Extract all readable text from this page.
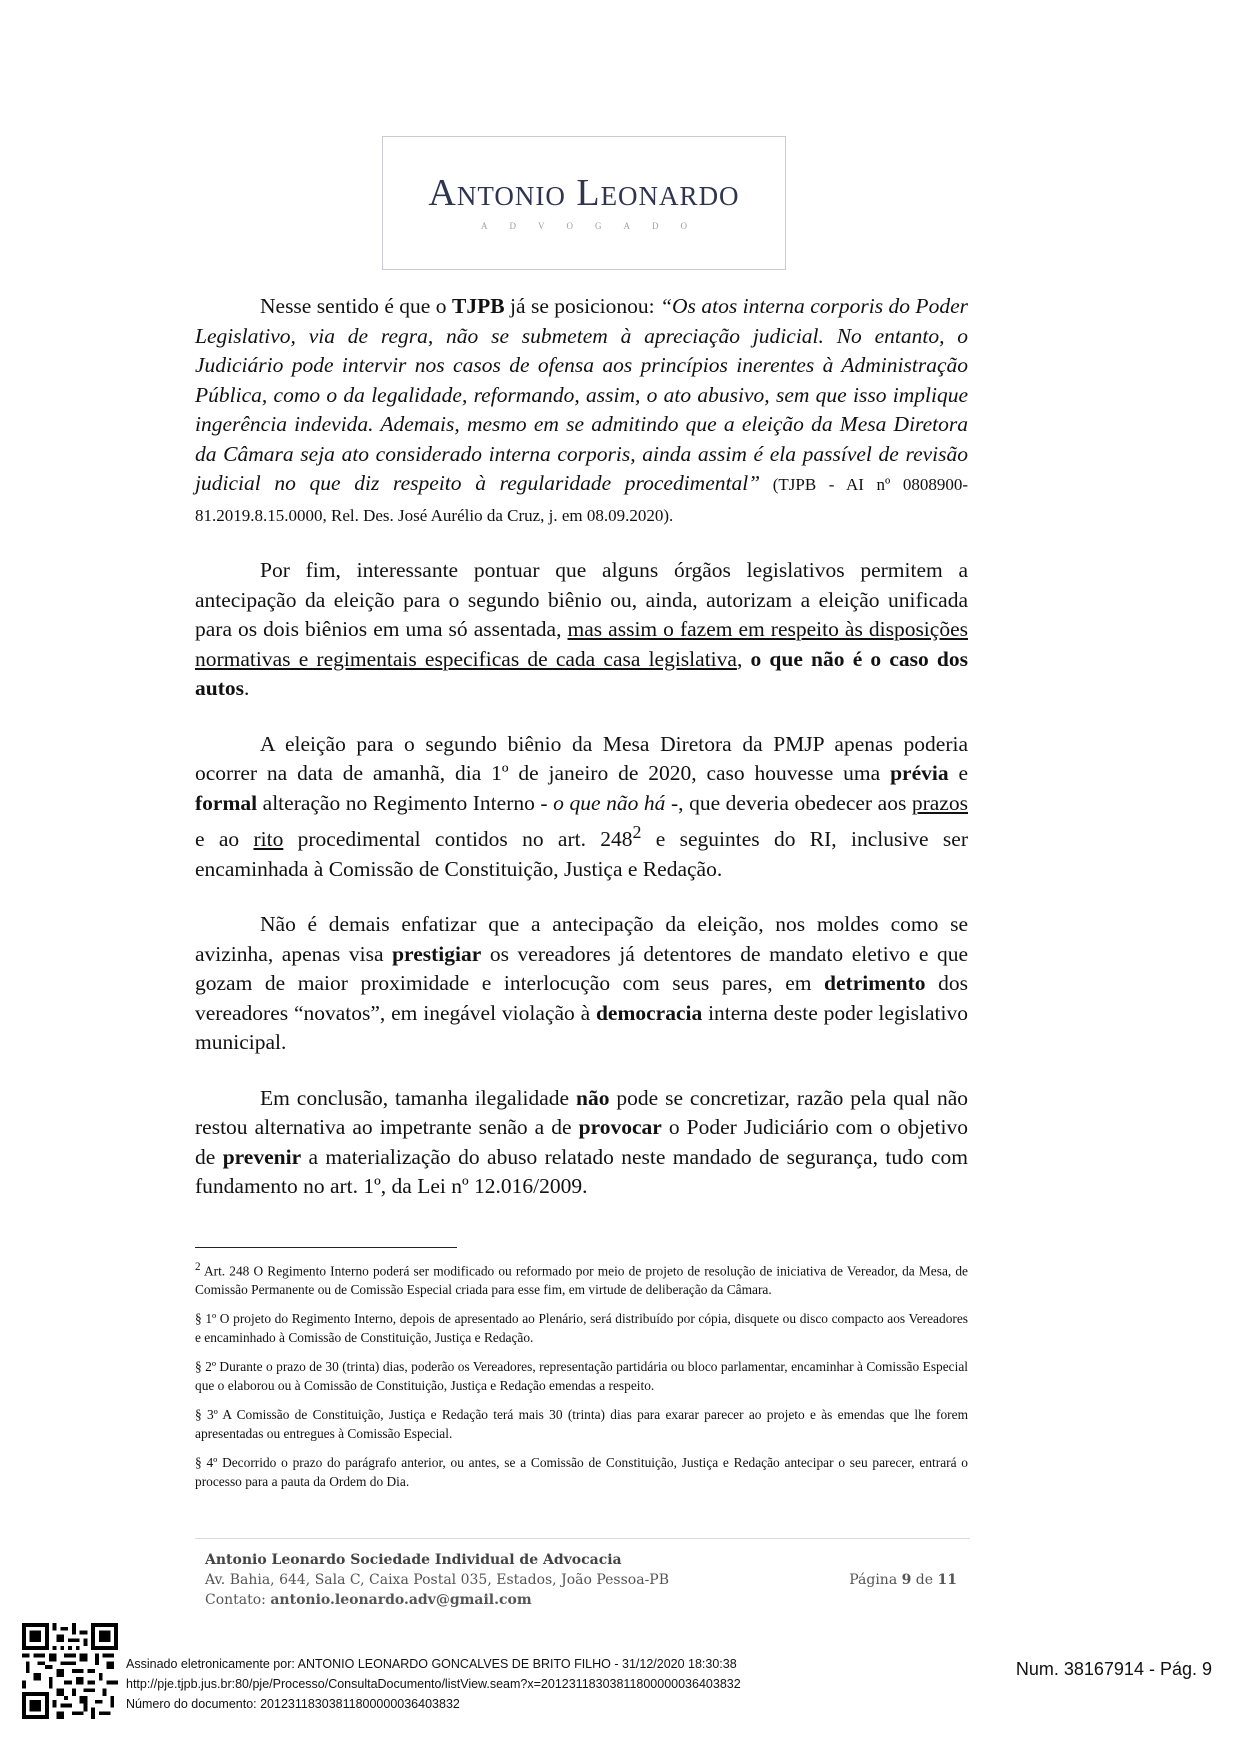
Antonio Leonardo
ADVOGADO

Nesse sentido é que o TJPB já se posicionou: “Os atos interna corporis do Poder Legislativo, via de regra, não se submetem à apreciação judicial. No entanto, o Judiciário pode intervir nos casos de ofensa aos princípios inerentes à Administração Pública, como o da legalidade, reformando, assim, o ato abusivo, sem que isso implique ingerência indevida. Ademais, mesmo em se admitindo que a eleição da Mesa Diretora da Câmara seja ato considerado interna corporis, ainda assim é ela passível de revisão judicial no que diz respeito à regularidade procedimental” (TJPB - AI nº 0808900-81.2019.8.15.0000, Rel. Des. José Aurélio da Cruz, j. em 08.09.2020).

Por fim, interessante pontuar que alguns órgãos legislativos permitem a antecipação da eleição para o segundo biênio ou, ainda, autorizam a eleição unificada para os dois biênios em uma só assentada, mas assim o fazem em respeito às disposições normativas e regimentais especificas de cada casa legislativa, o que não é o caso dos autos.

A eleição para o segundo biênio da Mesa Diretora da PMJP apenas poderia ocorrer na data de amanhã, dia 1º de janeiro de 2020, caso houvesse uma prévia e formal alteração no Regimento Interno - o que não há -, que deveria obedecer aos prazos e ao rito procedimental contidos no art. $248^2$ e seguintes do RI, inclusive ser encaminhada à Comissão de Constituição, Justiça e Redação.

Não é demais enfatizar que a antecipação da eleição, nos moldes como se avizinha, apenas visa prestigiar os vereadores já detentores de mandato eletivo e que gozam de maior proximidade e interlocução com seus pares, em detrimento dos vereadores “novatos”, em inegável violação à democracia interna deste poder legislativo municipal.

Em conclusão, tamanha ilegalidade não pode se concretizar, razão pela qual não restou alternativa ao impetrante senão a de provocar o Poder Judiciário com o objetivo de prevenir a materialização do abuso relatado neste mandado de segurança, tudo com fundamento no art. 1º, da Lei nº 12.016/2009.

$^2$ Art. 248 O Regimento Interno poderá ser modificado ou reformado por meio de projeto de resolução de iniciativa de Vereador, da Mesa, de Comissão Permanente ou de Comissão Especial criada para esse fim, em virtude de deliberação da Câmara.

§ 1º O projeto do Regimento Interno, depois de apresentado ao Plenário, será distribuído por cópia, disquete ou disco compacto aos Vereadores e encaminhado à Comissão de Constituição, Justiça e Redação.

§ 2º Durante o prazo de 30 (trinta) dias, poderão os Vereadores, representação partidária ou bloco parlamentar, encaminhar à Comissão Especial que o elaborou ou à Comissão de Constituição, Justiça e Redação emendas a respeito.

§ 3º A Comissão de Constituição, Justiça e Redação terá mais 30 (trinta) dias para exarar parecer ao projeto e às emendas que lhe forem apresentadas ou entregues à Comissão Especial.

§ 4º Decorrido o prazo do parágrafo anterior, ou antes, se a Comissão de Constituição, Justiça e Redação antecipar o seu parecer, entrará o processo para a pauta da Ordem do Dia.

Antonio Leonardo Sociedade Individual de Advocacia
Av. Bahia, 644, Sala C, Caixa Postal 035, Estados, João Pessoa-PB
Contato: antonio.leonardo.adv@gmail.com
Página 9 de 11
Assinado eletronicamente por: ANTONIO LEONARDO GONCALVES DE BRITO FILHO - 31/12/2020 18:30:38
http://pje.tjpb.jus.br:80/pje/Processo/ConsultaDocumento/listView.seam?x=20123118303811800000036403832
Número do documento: 20123118303811800000036403832
Num. 38167914 - Pág. 9
